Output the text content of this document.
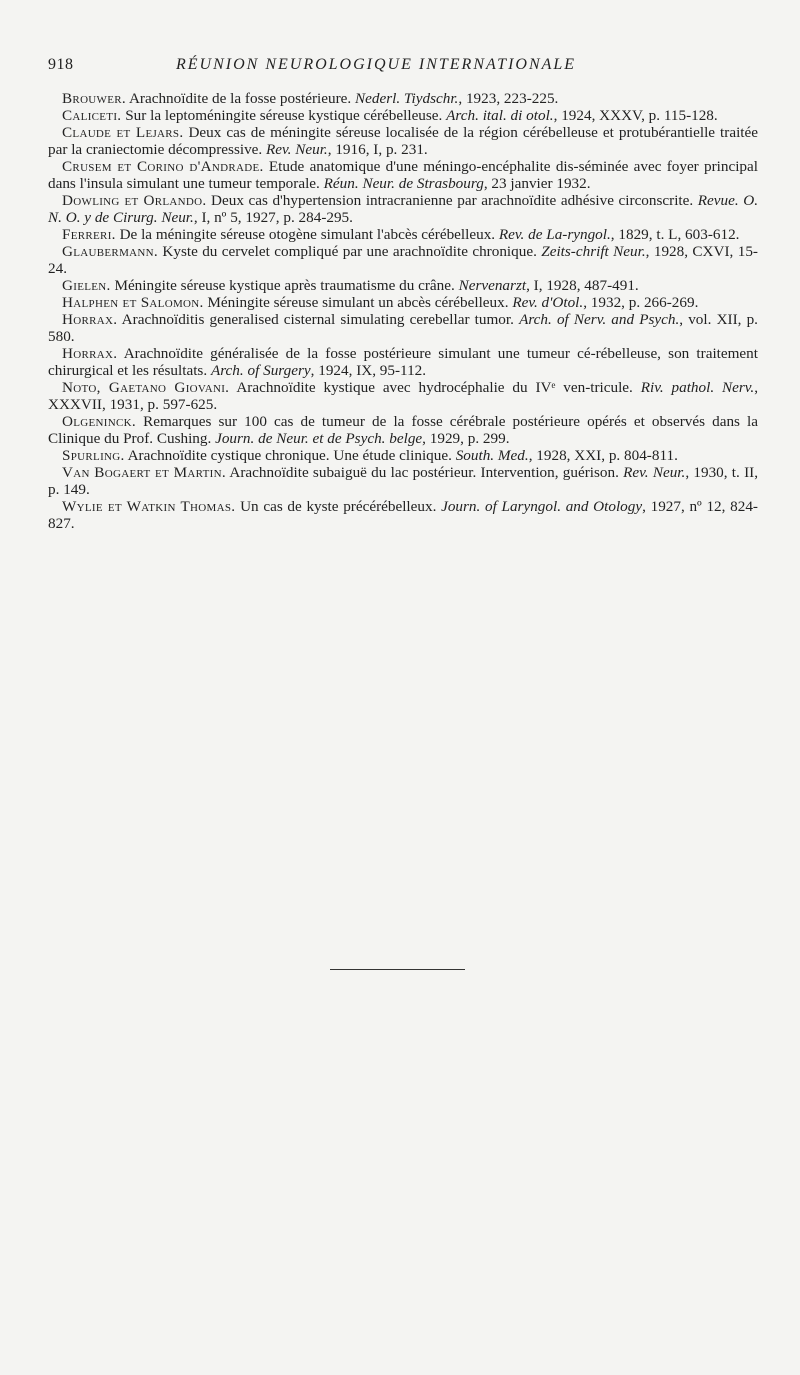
918	RÉUNION NEUROLOGIQUE INTERNATIONALE

Brouwer. Arachnoïdite de la fosse postérieure. Nederl. Tiydschr., 1923, 223-225.

Caliceti. Sur la leptoméningite séreuse kystique cérébelleuse. Arch. ital. di otol., 1924, XXXV, p. 115-128.

Claude et Lejars. Deux cas de méningite séreuse localisée de la région cérébelleuse et protubérantielle traitée par la craniectomie décompressive. Rev. Neur., 1916, I, p. 231.

Crusem et Corino d'Andrade. Etude anatomique d'une méningo-encéphalite dis-séminée avec foyer principal dans l'insula simulant une tumeur temporale. Réun. Neur. de Strasbourg, 23 janvier 1932.

Dowling et Orlando. Deux cas d'hypertension intracranienne par arachnoïdite adhésive circonscrite. Revue. O. N. O. y de Cirurg. Neur., I, nº 5, 1927, p. 284-295.

Ferreri. De la méningite séreuse otogène simulant l'abcès cérébelleux. Rev. de La-ryngol., 1829, t. L, 603-612.

Glaubermann. Kyste du cervelet compliqué par une arachnoïdite chronique. Zeits-chrift Neur., 1928, CXVI, 15-24.

Gielen. Méningite séreuse kystique après traumatisme du crâne. Nervenarzt, I, 1928, 487-491.

Halphen et Salomon. Méningite séreuse simulant un abcès cérébelleux. Rev. d'Otol., 1932, p. 266-269.

Horrax. Arachnoïditis generalised cisternal simulating cerebellar tumor. Arch. of Nerv. and Psych., vol. XII, p. 580.

Horrax. Arachnoïdite généralisée de la fosse postérieure simulant une tumeur cé-rébelleuse, son traitement chirurgical et les résultats. Arch. of Surgery, 1924, IX, 95-112.

Noto, Gaetano Giovani. Arachnoïdite kystique avec hydrocéphalie du IVᵉ ven-tricule. Riv. pathol. Nerv., XXXVII, 1931, p. 597-625.

Olgeninck. Remarques sur 100 cas de tumeur de la fosse cérébrale postérieure opérés et observés dans la Clinique du Prof. Cushing. Journ. de Neur. et de Psych. belge, 1929, p. 299.

Spurling. Arachnoïdite cystique chronique. Une étude clinique. South. Med., 1928, XXI, p. 804-811.

Van Bogaert et Martin. Arachnoïdite subaiguë du lac postérieur. Intervention, guérison. Rev. Neur., 1930, t. II, p. 149.

Wylie et Watkin Thomas. Un cas de kyste précérébelleux. Journ. of Laryngol. and Otology, 1927, nº 12, 824-827.
